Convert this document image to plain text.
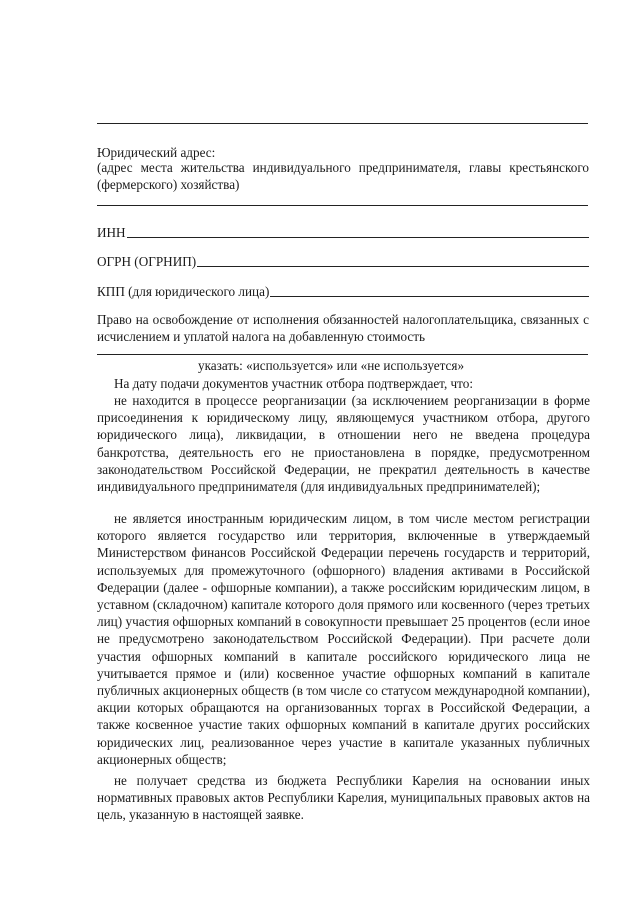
Юридический адрес:
(адрес места жительства индивидуального предпринимателя, главы крестьянского (фермерского) хозяйства)
ИНН
ОГРН (ОГРНИП)
КПП (для юридического лица)
Право на освобождение от исполнения обязанностей налогоплательщика, связанных с исчислением и уплатой налога на добавленную стоимость
указать: «используется» или «не используется»
На дату подачи документов участник отбора подтверждает, что:
не находится в процессе реорганизации (за исключением реорганизации в форме присоединения к юридическому лицу, являющемуся участником отбора, другого юридического лица), ликвидации, в отношении него не введена процедура банкротства, деятельность его не приостановлена в порядке, предусмотренном законодательством Российской Федерации, не прекратил деятельность в качестве индивидуального предпринимателя (для индивидуальных предпринимателей);
не является иностранным юридическим лицом, в том числе местом регистрации которого является государство или территория, включенные в утверждаемый Министерством финансов Российской Федерации перечень государств и территорий, используемых для промежуточного (офшорного) владения активами в Российской Федерации (далее - офшорные компании), а также российским юридическим лицом, в уставном (складочном) капитале которого доля прямого или косвенного (через третьих лиц) участия офшорных компаний в совокупности превышает 25 процентов (если иное не предусмотрено законодательством Российской Федерации). При расчете доли участия офшорных компаний в капитале российского юридического лица не учитывается прямое и (или) косвенное участие офшорных компаний в капитале публичных акционерных обществ (в том числе со статусом международной компании), акции которых обращаются на организованных торгах в Российской Федерации, а также косвенное участие таких офшорных компаний в капитале других российских юридических лиц, реализованное через участие в капитале указанных публичных акционерных обществ;
не получает средства из бюджета Республики Карелия на основании иных нормативных правовых актов Республики Карелия, муниципальных правовых актов на цель, указанную в настоящей заявке.
